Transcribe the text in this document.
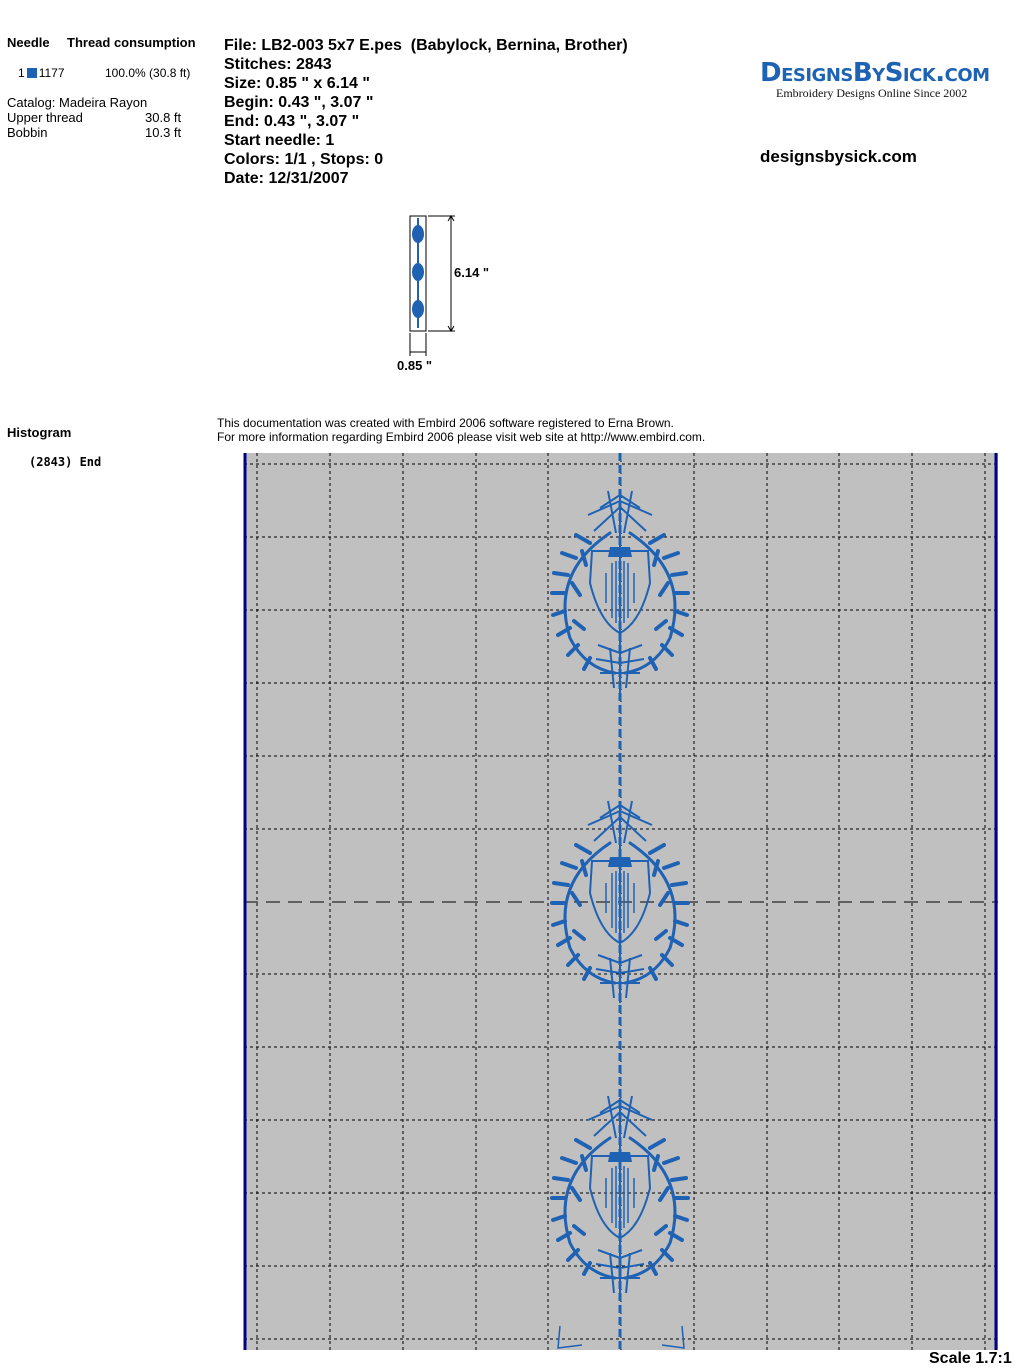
Needle Thread consumption
1 1177	100.0% (30.8 ft)
Catalog: Madeira Rayon
Upper thread	30.8 ft
Bobbin	10.3 ft
File: LB2-003 5x7 E.pes  (Babylock, Bernina, Brother)
Stitches: 2843
Size: 0.85 " x 6.14 "
Begin: 0.43 ", 3.07 "
End: 0.43 ", 3.07 "
Start needle: 1
Colors: 1/1 , Stops: 0
Date: 12/31/2007
DesignsBySick.com
Embroidery Designs Online Since 2002
designsbysick.com
6.14 "
0.85 "
Histogram
(2843) End
This documentation was created with Embird 2006 software registered to Erna Brown.
For more information regarding Embird 2006 please visit web site at http://www.embird.com.
Scale 1.7:1
